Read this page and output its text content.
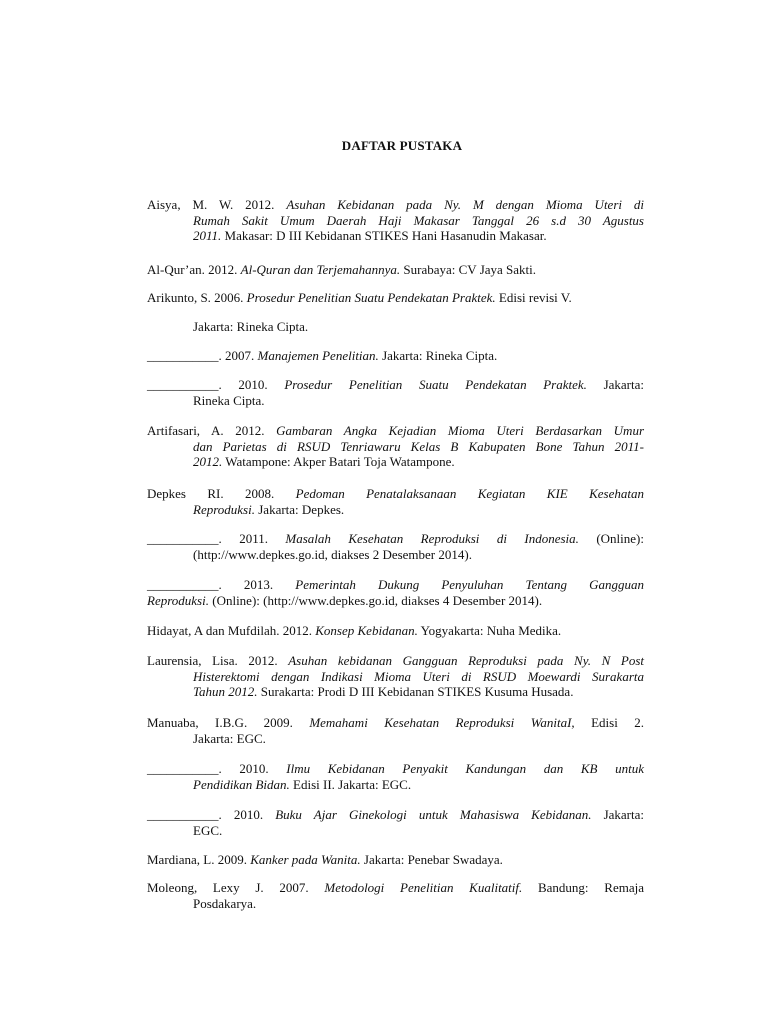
DAFTAR PUSTAKA
Aisya, M. W. 2012. Asuhan Kebidanan pada Ny. M dengan Mioma Uteri di
Rumah Sakit Umum Daerah Haji Makasar Tanggal 26 s.d 30 Agustus
2011. Makasar: D III Kebidanan STIKES Hani Hasanudin Makasar.
Al-Qur’an. 2012. Al-Quran dan Terjemahannya. Surabaya: CV Jaya Sakti.
Arikunto, S. 2006. Prosedur Penelitian Suatu Pendekatan Praktek. Edisi revisi V.
Jakarta: Rineka Cipta.
___________. 2007. Manajemen Penelitian. Jakarta: Rineka Cipta.
___________. 2010. Prosedur Penelitian Suatu Pendekatan Praktek. Jakarta:
Rineka Cipta.
Artifasari, A. 2012. Gambaran Angka Kejadian Mioma Uteri Berdasarkan Umur
dan Parietas di RSUD Tenriawaru Kelas B Kabupaten Bone Tahun 2011-
2012. Watampone: Akper Batari Toja Watampone.
Depkes RI. 2008. Pedoman Penatalaksanaan Kegiatan KIE Kesehatan
Reproduksi. Jakarta: Depkes.
___________. 2011. Masalah Kesehatan Reproduksi di Indonesia. (Online):
(http://www.depkes.go.id, diakses 2 Desember 2014).
___________. 2013. Pemerintah Dukung Penyuluhan Tentang Gangguan
Reproduksi. (Online): (http://www.depkes.go.id, diakses 4 Desember 2014).
Hidayat, A dan Mufdilah. 2012. Konsep Kebidanan. Yogyakarta: Nuha Medika.
Laurensia, Lisa. 2012. Asuhan kebidanan Gangguan Reproduksi pada Ny. N Post
Histerektomi dengan Indikasi Mioma Uteri di RSUD Moewardi Surakarta
Tahun 2012. Surakarta: Prodi D III Kebidanan STIKES Kusuma Husada.
Manuaba, I.B.G. 2009. Memahami Kesehatan Reproduksi WanitaI, Edisi 2.
Jakarta: EGC.
___________. 2010. Ilmu Kebidanan Penyakit Kandungan dan KB untuk
Pendidikan Bidan. Edisi II. Jakarta: EGC.
___________. 2010. Buku Ajar Ginekologi untuk Mahasiswa Kebidanan. Jakarta:
EGC.
Mardiana, L. 2009. Kanker pada Wanita. Jakarta: Penebar Swadaya.
Moleong, Lexy J. 2007. Metodologi Penelitian Kualitatif. Bandung: Remaja
Posdakarya.
